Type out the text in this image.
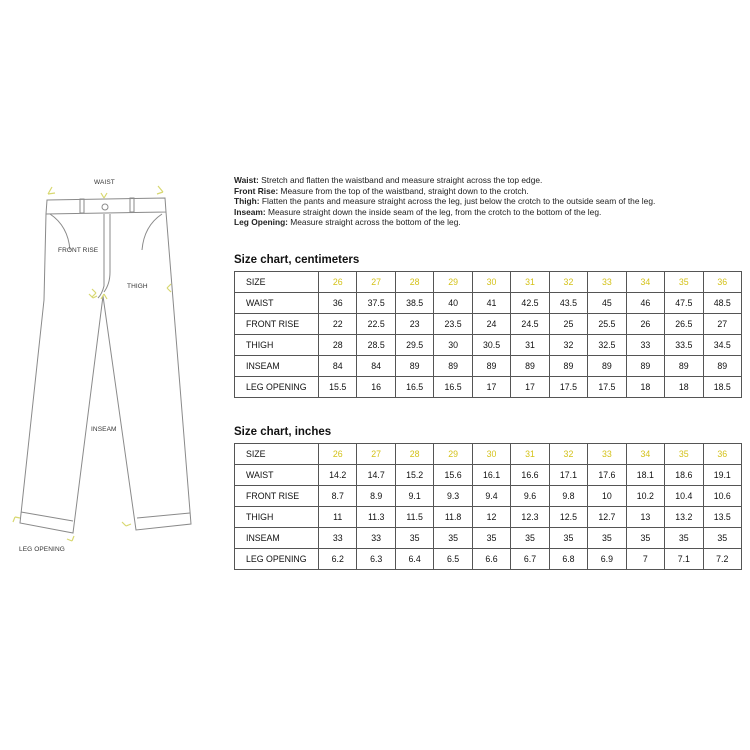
WAIST
FRONT RISE
THIGH
INSEAM
LEG OPENING
Waist: Stretch and flatten the waistband and measure straight across the top edge.
Front Rise: Measure from the top of the waistband, straight down to the crotch.
Thigh: Flatten the pants and measure straight across the leg, just below the crotch to the outside seam of the leg.
Inseam: Measure straight down the inside seam of the leg, from the crotch to the bottom of the leg.
Leg Opening: Measure straight across the bottom of the leg.
Size chart, centimeters
SIZE	26	27	28	29	30	31	32	33	34	35	36
WAIST	36	37.5	38.5	40	41	42.5	43.5	45	46	47.5	48.5
FRONT RISE	22	22.5	23	23.5	24	24.5	25	25.5	26	26.5	27
THIGH	28	28.5	29.5	30	30.5	31	32	32.5	33	33.5	34.5
INSEAM	84	84	89	89	89	89	89	89	89	89	89
LEG OPENING	15.5	16	16.5	16.5	17	17	17.5	17.5	18	18	18.5
Size chart, inches
SIZE	26	27	28	29	30	31	32	33	34	35	36
WAIST	14.2	14.7	15.2	15.6	16.1	16.6	17.1	17.6	18.1	18.6	19.1
FRONT RISE	8.7	8.9	9.1	9.3	9.4	9.6	9.8	10	10.2	10.4	10.6
THIGH	11	11.3	11.5	11.8	12	12.3	12.5	12.7	13	13.2	13.5
INSEAM	33	33	35	35	35	35	35	35	35	35	35
LEG OPENING	6.2	6.3	6.4	6.5	6.6	6.7	6.8	6.9	7	7.1	7.2
